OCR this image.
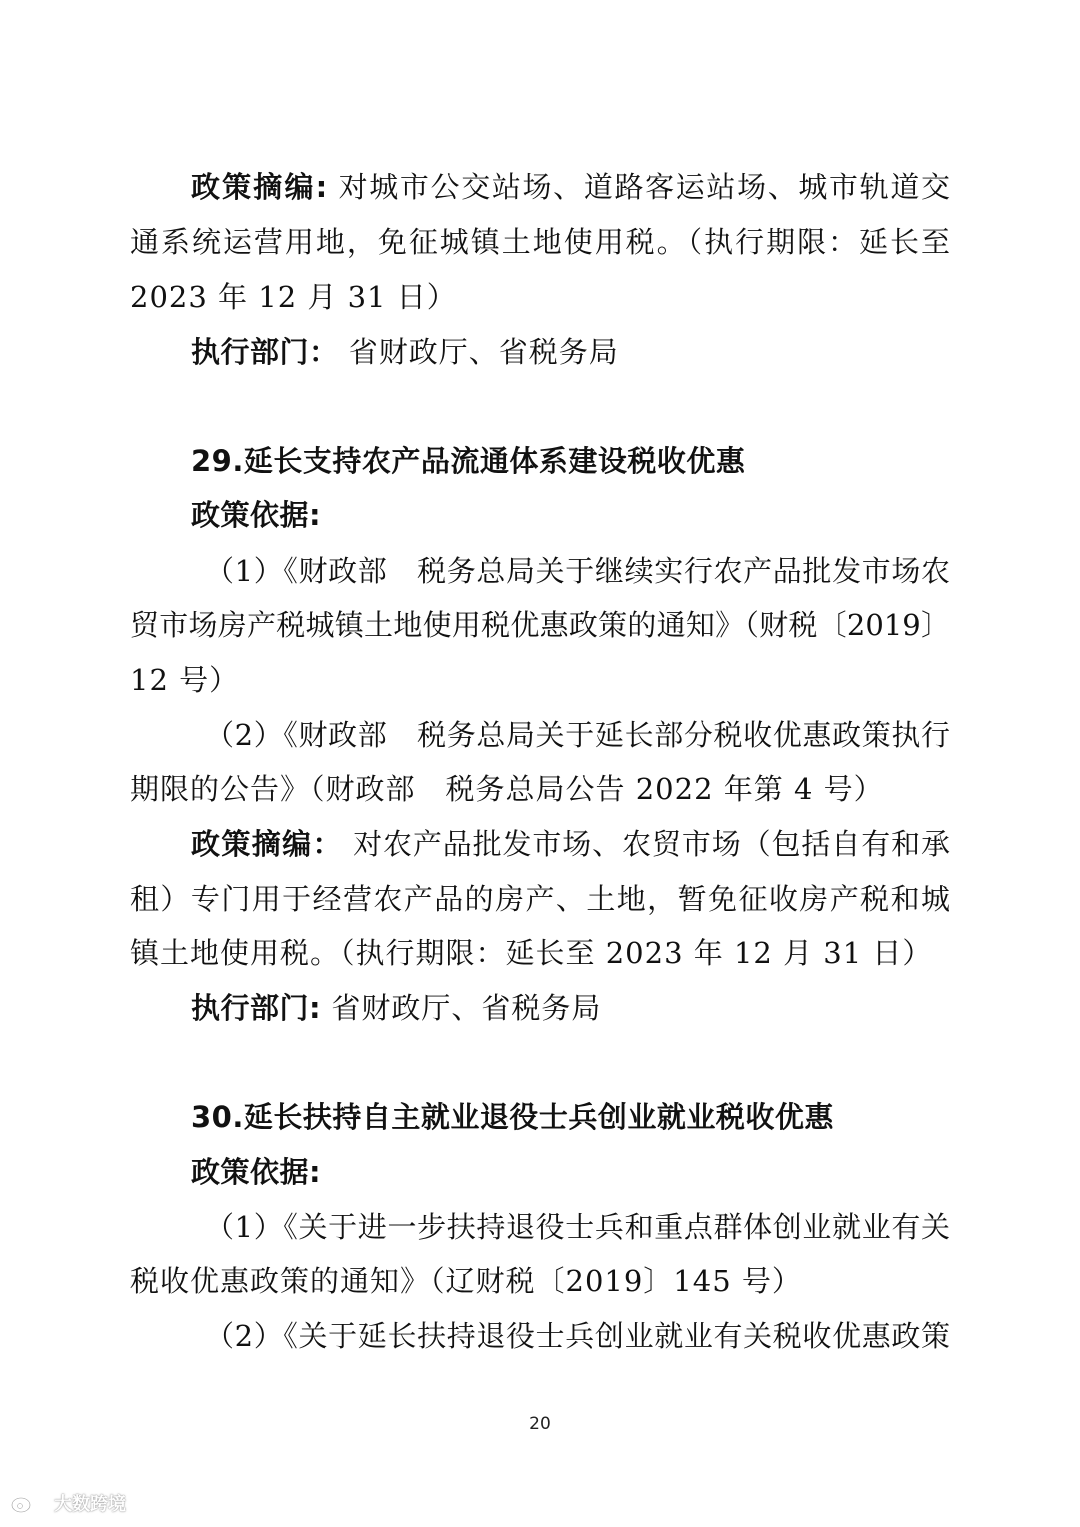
政策摘编: 对城市公交站场、道路客运站场、城市轨道交
通系统运营用地，免征城镇土地使用税。（执行期限：延长至
2023 年 12 月 31 日）
执行部门： 省财政厅、省税务局
29.延长支持农产品流通体系建设税收优惠
政策依据:
（1）《财政部　税务总局关于继续实行农产品批发市场农
贸市场房产税城镇土地使用税优惠政策的通知》（财税〔2019〕
12 号）
（2）《财政部　税务总局关于延长部分税收优惠政策执行
期限的公告》（财政部　税务总局公告 2022 年第 4 号）
政策摘编： 对农产品批发市场、农贸市场（包括自有和承
租）专门用于经营农产品的房产、土地，暂免征收房产税和城
镇土地使用税。（执行期限：延长至 2023 年 12 月 31 日）
执行部门: 省财政厅、省税务局
30.延长扶持自主就业退役士兵创业就业税收优惠
政策依据:
（1）《关于进一步扶持退役士兵和重点群体创业就业有关
税收优惠政策的通知》（辽财税〔2019〕145 号）
（2）《关于延长扶持退役士兵创业就业有关税收优惠政策
20
大数跨境
